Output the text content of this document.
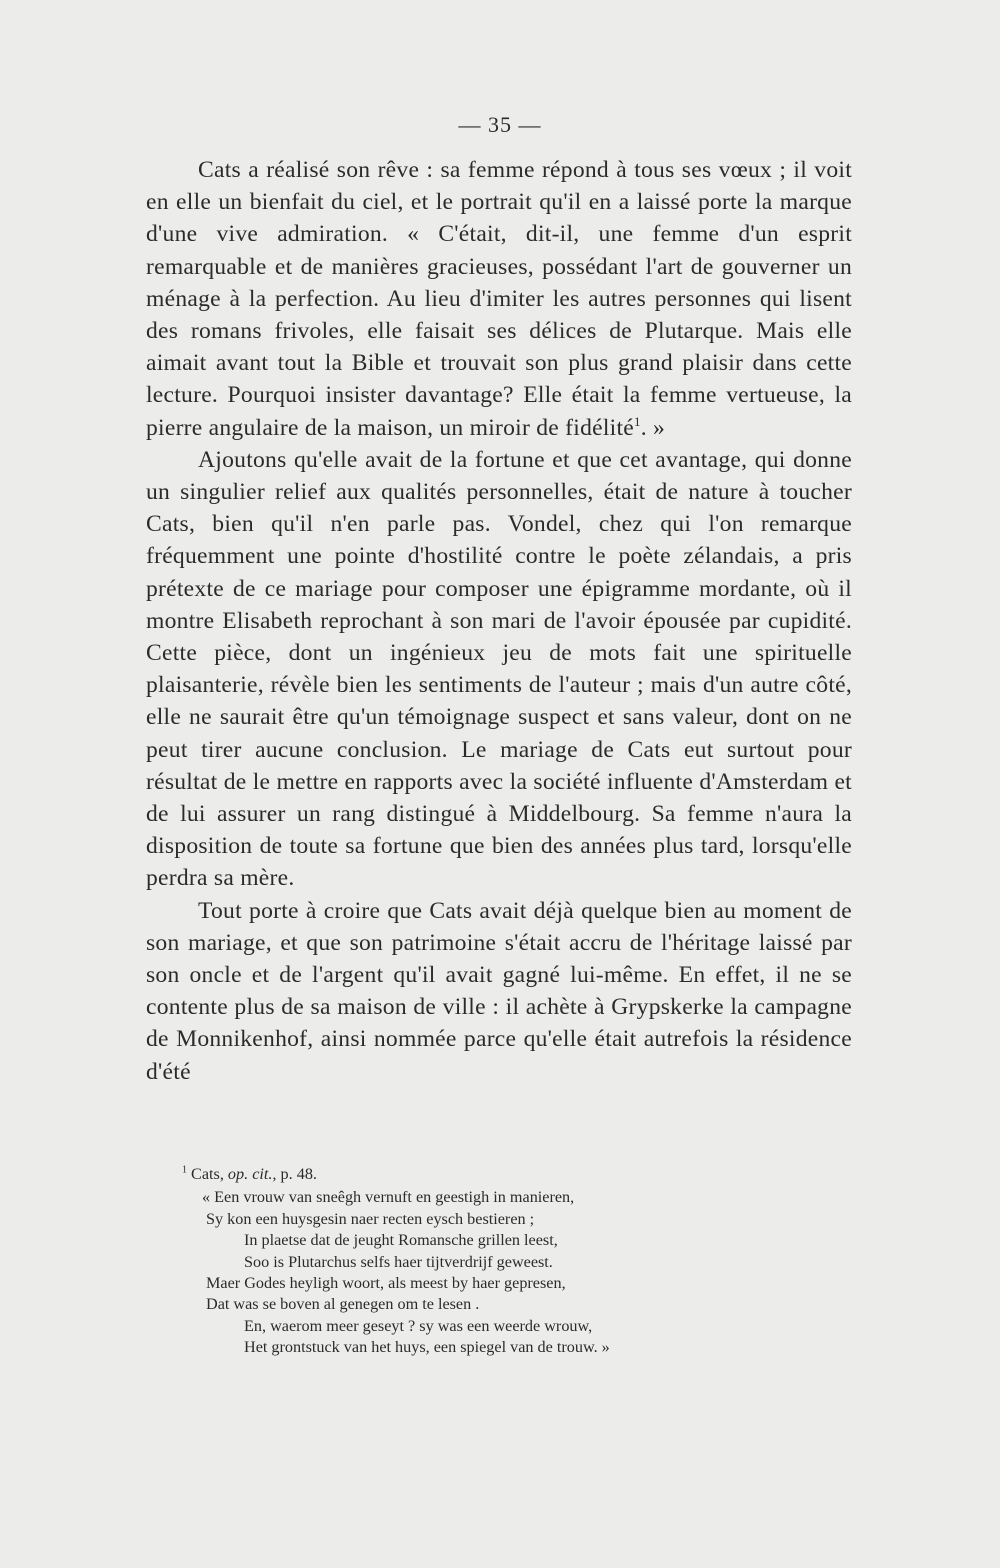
— 35 —

Cats a réalisé son rêve : sa femme répond à tous ses vœux ; il voit en elle un bienfait du ciel, et le portrait qu'il en a laissé porte la marque d'une vive admiration. « C'était, dit-il, une femme d'un esprit remarquable et de manières gracieuses, possédant l'art de gouverner un ménage à la perfection. Au lieu d'imiter les autres personnes qui lisent des romans frivoles, elle faisait ses délices de Plutarque. Mais elle aimait avant tout la Bible et trouvait son plus grand plaisir dans cette lecture. Pourquoi insister davantage? Elle était la femme vertueuse, la pierre angulaire de la maison, un miroir de fidélité$^1$. »

Ajoutons qu'elle avait de la fortune et que cet avantage, qui donne un singulier relief aux qualités personnelles, était de nature à toucher Cats, bien qu'il n'en parle pas. Vondel, chez qui l'on remarque fréquemment une pointe d'hostilité contre le poète zélandais, a pris prétexte de ce mariage pour composer une épigramme mordante, où il montre Elisabeth reprochant à son mari de l'avoir épousée par cupidité. Cette pièce, dont un ingénieux jeu de mots fait une spirituelle plaisanterie, révèle bien les sentiments de l'auteur ; mais d'un autre côté, elle ne saurait être qu'un témoignage suspect et sans valeur, dont on ne peut tirer aucune conclusion. Le mariage de Cats eut surtout pour résultat de le mettre en rapports avec la société influente d'Amsterdam et de lui assurer un rang distingué à Middelbourg. Sa femme n'aura la disposition de toute sa fortune que bien des années plus tard, lorsqu'elle perdra sa mère.

Tout porte à croire que Cats avait déjà quelque bien au moment de son mariage, et que son patrimoine s'était accru de l'héritage laissé par son oncle et de l'argent qu'il avait gagné lui-même. En effet, il ne se contente plus de sa maison de ville : il achète à Grypskerke la campagne de Monnikenhof, ainsi nommée parce qu'elle était autrefois la résidence d'été

$^1$ Cats, op. cit., p. 48.

« Een vrouw van sneêgh vernuft en geestigh in manieren,

Sy kon een huysgesin naer recten eysch bestieren ;

In plaetse dat de jeught Romansche grillen leest,

Soo is Plutarchus selfs haer tijtverdrijf geweest.

Maer Godes heyligh woort, als meest by haer gepresen,

Dat was se boven al genegen om te lesen .

En, waerom meer geseyt ? sy was een weerde wrouw,

Het grontstuck van het huys, een spiegel van de trouw. »
